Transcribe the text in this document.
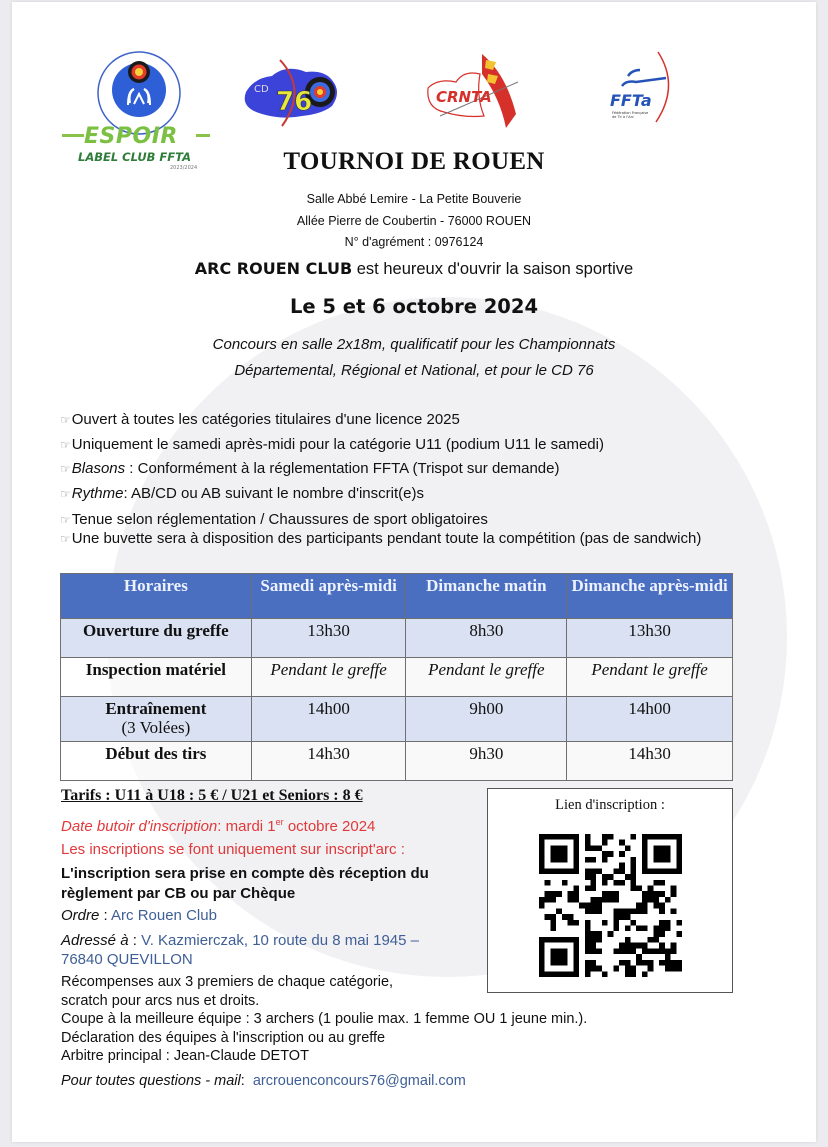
ESPOIR
LABEL CLUB FFTA
2023/2024
76
CD	CRNTA	FFTa
Fédération Française
de Tir à l'Arc
TOURNOI DE ROUEN
Salle Abbé Lemire - La Petite Bouverie
Allée Pierre de Coubertin - 76000 ROUEN
N° d'agrément : 0976124
ARC ROUEN CLUB est heureux d'ouvrir la saison sportive
Le 5 et 6 octobre 2024
Concours en salle 2x18m, qualificatif pour les Championnats
Départemental, Régional et National, et pour le CD 76
☞Ouvert à toutes les catégories titulaires d'une licence 2025
☞Uniquement le samedi après-midi pour la catégorie U11 (podium U11 le samedi)
☞Blasons : Conformément à la réglementation FFTA (Trispot sur demande)
☞Rythme: AB/CD ou AB suivant le nombre d'inscrit(e)s
☞Tenue selon réglementation / Chaussures de sport obligatoires
☞Une buvette sera à disposition des participants pendant toute la compétition (pas de sandwich)
Horaires	Samedi après-midi	Dimanche matin	Dimanche après-midi
Ouverture du greffe	13h30	8h30	13h30
Inspection matériel	Pendant le greffe	Pendant le greffe	Pendant le greffe
Entraînement
(3 Volées)	14h00	9h00	14h00
Début des tirs	14h30	9h30	14h30
Tarifs : U11 à U18 : 5 € / U21 et Seniors : 8 €
Date butoir d'inscription: mardi 1er octobre 2024
Les inscriptions se font uniquement sur inscript'arc :
L'inscription sera prise en compte dès réception du
règlement par CB ou par Chèque
Ordre : Arc Rouen Club
Adressé à : V. Kazmierczak, 10 route du 8 mai 1945 –
76840 QUEVILLON
Lien d'inscription :
Récompenses aux 3 premiers de chaque catégorie,
scratch pour arcs nus et droits.
Coupe à la meilleure équipe : 3 archers (1 poulie max. 1 femme OU 1 jeune min.).
Déclaration des équipes à l'inscription ou au greffe
Arbitre principal : Jean-Claude DETOT
Pour toutes questions - mail:  arcrouenconcours76@gmail.com
